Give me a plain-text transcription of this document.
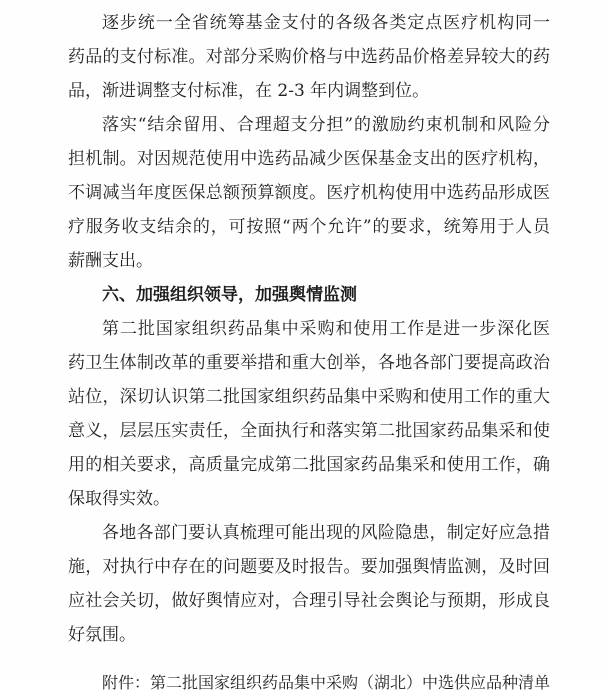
逐步统一全省统筹基金支付的各级各类定点医疗机构同一
药品的支付标准。对部分采购价格与中选药品价格差异较大的药
品，渐进调整支付标准，在 2-3 年内调整到位。

落实“结余留用、合理超支分担”的激励约束机制和风险分
担机制。对因规范使用中选药品减少医保基金支出的医疗机构，
不调减当年度医保总额预算额度。医疗机构使用中选药品形成医
疗服务收支结余的，可按照“两个允许”的要求，统筹用于人员
薪酬支出。

六、加强组织领导，加强舆情监测

第二批国家组织药品集中采购和使用工作是进一步深化医
药卫生体制改革的重要举措和重大创举，各地各部门要提高政治
站位，深切认识第二批国家组织药品集中采购和使用工作的重大
意义，层层压实责任，全面执行和落实第二批国家药品集采和使
用的相关要求，高质量完成第二批国家药品集采和使用工作，确
保取得实效。

各地各部门要认真梳理可能出现的风险隐患，制定好应急措
施，对执行中存在的问题要及时报告。要加强舆情监测，及时回
应社会关切，做好舆情应对，合理引导社会舆论与预期，形成良
好氛围。

附件：第二批国家组织药品集中采购（湖北）中选供应品种清单
